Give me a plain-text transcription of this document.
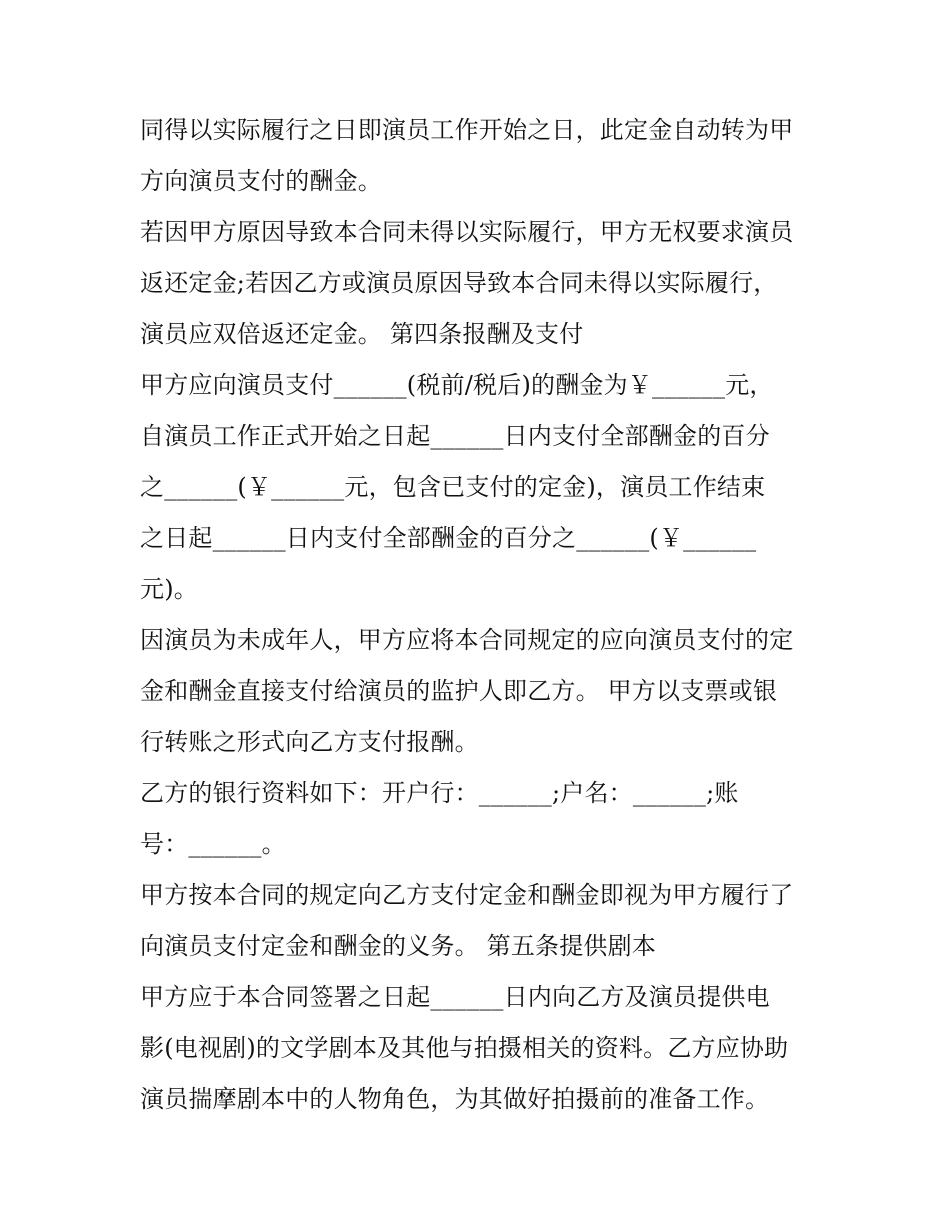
同得以实际履行之日即演员工作开始之日，此定金自动转为甲
方向演员支付的酬金。
若因甲方原因导致本合同未得以实际履行，甲方无权要求演员
返还定金;若因乙方或演员原因导致本合同未得以实际履行，
演员应双倍返还定金。 第四条报酬及支付
甲方应向演员支付______(税前/税后)的酬金为￥______元，
自演员工作正式开始之日起______日内支付全部酬金的百分
之______(￥______元，包含已支付的定金)，演员工作结束
之日起______日内支付全部酬金的百分之______(￥______
元)。
因演员为未成年人，甲方应将本合同规定的应向演员支付的定
金和酬金直接支付给演员的监护人即乙方。 甲方以支票或银
行转账之形式向乙方支付报酬。
乙方的银行资料如下：开户行：______;户名：______;账
号：______。
甲方按本合同的规定向乙方支付定金和酬金即视为甲方履行了
向演员支付定金和酬金的义务。 第五条提供剧本
甲方应于本合同签署之日起______日内向乙方及演员提供电
影(电视剧)的文学剧本及其他与拍摄相关的资料。乙方应协助
演员揣摩剧本中的人物角色，为其做好拍摄前的准备工作。
